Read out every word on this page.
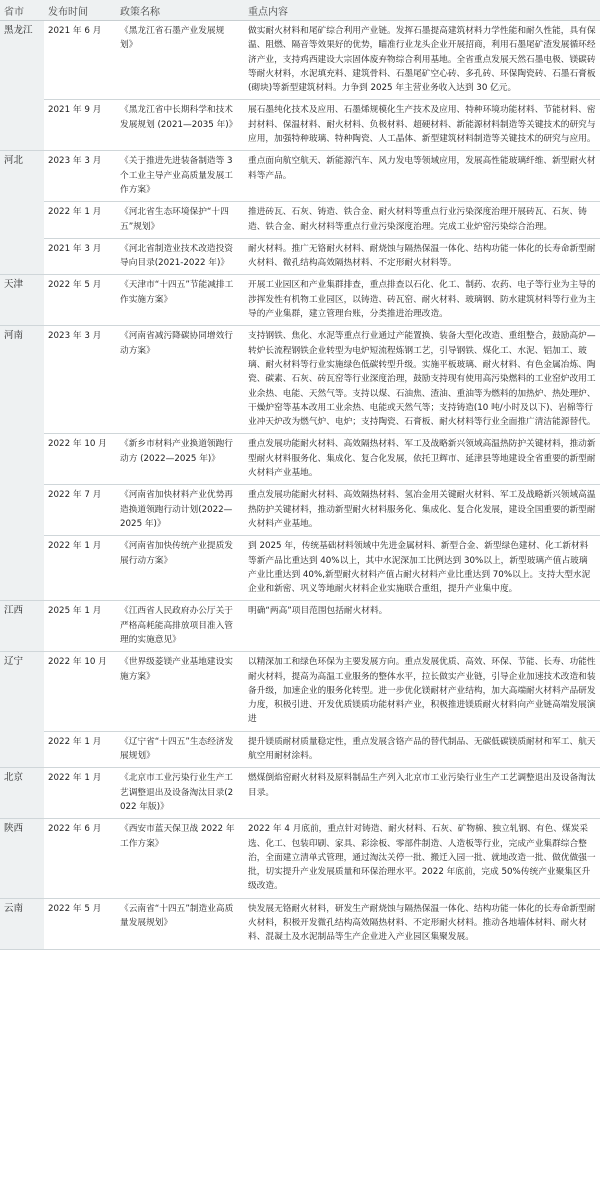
省市	发布时间	政策名称	重点内容
黑龙江	2021 年 6 月	《黑龙江省石墨产业发展规划》	做实耐火材料和尾矿综合利用产业链。发挥石墨提高建筑材料力学性能和耐久性能，具有保温、阻燃、隔音等效果好的优势，瞄准行业龙头企业开展招商，利用石墨尾矿渣发展循环经济产业，支持鸡西建设大宗固体废弃物综合利用基地。全省重点发展天然石墨电极、镁碳砖等耐火材料，水泥填充料、建筑骨料、石墨尾矿空心砖、多孔砖、环保陶瓷砖、石墨石膏板(砌块)等新型建筑材料。力争到 2025 年主营业务收入达到 30 亿元。
	2021 年 9 月	《黑龙江省中长期科学和技术发展规划 (2021—2035 年)》	展石墨纯化技术及应用、石墨烯规模化生产技术及应用、特种环境功能材料、节能材料、密封材料、保温材料、耐火材料、负极材料、超硬材料、新能源材料制造等关键技术的研究与应用，加强特种玻璃、特种陶瓷、人工晶体、新型建筑材料制造等关键技术的研究与应用。
河北	2023 年 3 月	《关于推进先进装备制造等 3 个工业主导产业高质量发展工作方案》	重点面向航空航天、新能源汽车、风力发电等领域应用，发展高性能玻璃纤维、新型耐火材料等产品。
	2022 年 1 月	《河北省生态环境保护“十四五”规划》	推进砖瓦、石灰、铸造、铁合金、耐火材料等重点行业污染深度治理开展砖瓦、石灰、铸造、铁合金、耐火材料等重点行业污染深度治理。完成工业炉窑污染综合治理。
	2021 年 3 月	《河北省制造业技术改造投资导向目录(2021-2022 年)》	耐火材料。推广无铬耐火材料、耐烧蚀与隔热保温一体化、结构功能一体化的长寿命新型耐火材料、微孔结构高效隔热材料、不定形耐火材料等。
天津	2022 年 5 月	《天津市“十四五”节能减排工作实施方案》	开展工业园区和产业集群排查，重点排查以石化、化工、制药、农药、电子等行业为主导的涉挥发性有机物工业园区，以铸造、砖瓦窑、耐火材料、玻璃钢、防水建筑材料等行业为主导的产业集群，建立管理台账，分类推进治理改造。
河南	2023 年 3 月	《河南省减污降碳协同增效行动方案》	支持钢铁、焦化、水泥等重点行业通过产能置换、装备大型化改造、重组整合，鼓励高炉—转炉长流程钢铁企业转型为电炉短流程炼钢工艺，引导钢铁、煤化工、水泥、铝加工、玻璃、耐火材料等行业实施绿色低碳转型升级。实施平板玻璃、耐火材料、有色金属冶炼、陶瓷、碳素、石灰、砖瓦窑等行业深度治理，鼓励支持现有使用高污染燃料的工业窑炉改用工业余热、电能、天然气等。支持以煤、石油焦、渣油、重油等为燃料的加热炉、热处理炉、干燥炉窑等基本改用工业余热、电能或天然气等；支持铸造(10 吨/小时及以下)、岩棉等行业冲天炉改为燃气炉、电炉；支持陶瓷、石膏板、耐火材料等行业全面推广清洁能源替代。
	2022 年 10 月	《新乡市材料产业换道领跑行动方 (2022—2025 年)》	重点发展功能耐火材料、高效隔热材料、军工及战略新兴领域高温热防护关键材料，推动新型耐火材料服务化、集成化、复合化发展，依托卫辉市、延津县等地建设全省重要的新型耐火材料产业基地。
	2022 年 7 月	《河南省加快材料产业优势再造换道领跑行动计划(2022—2025 年)》	重点发展功能耐火材料、高效隔热材料、氢冶金用关键耐火材料、军工及战略新兴领域高温热防护关键材料，推动新型耐火材料服务化、集成化、复合化发展，建设全国重要的新型耐火材料产业基地。
	2022 年 1 月	《河南省加快传统产业提质发展行动方案》	到 2025 年，传统基础材料领域中先进金属材料、新型合金、新型绿色建材、化工新材料等新产品比重达到 40%以上，其中水泥深加工比例达到 30%以上，新型玻璃产值占玻璃产业比重达到 40%,新型耐火材料产值占耐火材料产业比重达到 70%以上。支持大型水泥企业和新密、巩义等地耐火材料企业实施联合重组，提升产业集中度。
江西	2025 年 1 月	《江西省人民政府办公厅关于严格高耗能高排放项目准入管理的实施意见》	明确“两高”项目范围包括耐火材料。
辽宁	2022 年 10 月	《世界级菱镁产业基地建设实施方案》	以精深加工和绿色环保为主要发展方向。重点发展优质、高效、环保、节能、长寿、功能性耐火材料，提高为高温工业服务的整体水平，拉长做实产业链，引导企业加速技术改造和装备升级，加速企业的服务化转型。进一步优化镁耐材产业结构，加大高端耐火材料产品研发力度，积极引进、开发优质镁质功能材料产业，积极推进镁质耐火材料向产业链高端发展演进
	2022 年 1 月	《辽宁省“十四五”生态经济发展规划》	提升镁质耐材质量稳定性，重点发展含铬产品的替代制品、无碳低碳镁质耐材和军工、航天航空用耐材涂料。
北京	2022 年 1 月	《北京市工业污染行业生产工艺调整退出及设备淘汰目录(2022 年版)》	燃煤倒焰窑耐火材料及原料制品生产列入北京市工业污染行业生产工艺调整退出及设备淘汰目录。
陕西	2022 年 6 月	《西安市蓝天保卫战 2022 年工作方案》	2022 年 4 月底前，重点针对铸造、耐火材料、石灰、矿物棉、独立轧钢、有色、煤炭采选、化工、包装印刷、家具、彩涂板、零部件制造、人造板等行业，完成产业集群综合整治，全面建立清单式管理，通过淘汰关停一批、搬迁入园一批、就地改造一批、做优做强一批，切实提升产业发展质量和环保治理水平。2022 年底前，完成 50%传统产业聚集区升级改造。
云南	2022 年 5 月	《云南省“十四五”制造业高质量发展规划》	快发展无铬耐火材料，研发生产耐烧蚀与隔热保温一体化、结构功能一体化的长寿命新型耐火材料，积极开发微孔结构高效隔热材料、不定形耐火材料。推动各地墙体材料、耐火材料、混凝土及水泥制品等生产企业进入产业园区集聚发展。
